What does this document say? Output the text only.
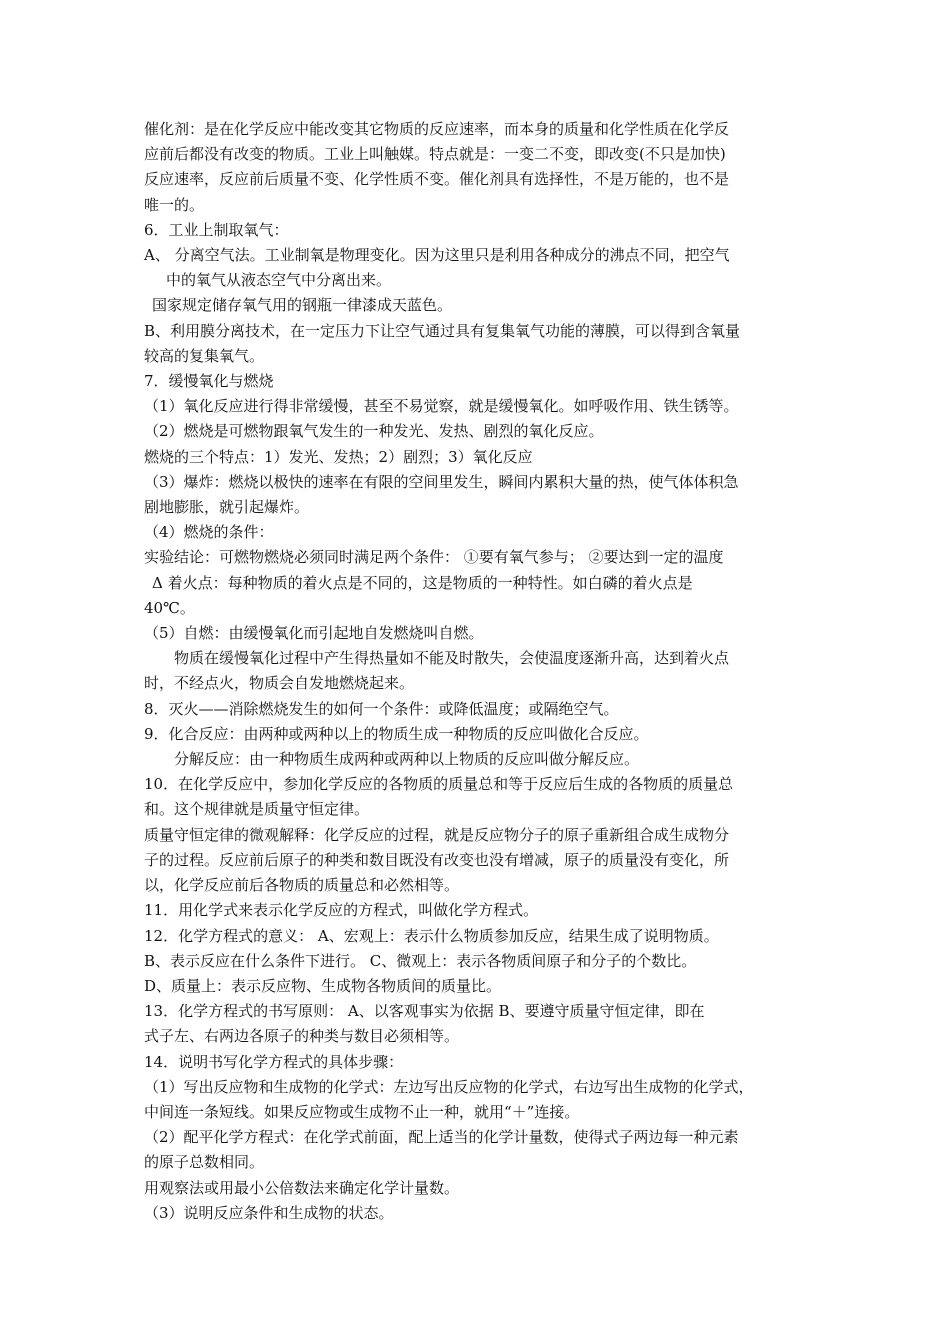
催化剂：是在化学反应中能改变其它物质的反应速率，而本身的质量和化学性质在化学反
应前后都没有改变的物质。工业上叫触媒。特点就是：一变二不变，即改变(不只是加快)
反应速率，反应前后质量不变、化学性质不变。催化剂具有选择性，不是万能的，也不是
唯一的。
6．工业上制取氧气：
A、 分离空气法。工业制氧是物理变化。因为这里只是利用各种成分的沸点不同，把空气
中的氧气从液态空气中分离出来。
国家规定储存氧气用的钢瓶一律漆成天蓝色。
B、利用膜分离技术，在一定压力下让空气通过具有复集氧气功能的薄膜，可以得到含氧量
较高的复集氧气。
7．缓慢氧化与燃烧
（1）氧化反应进行得非常缓慢，甚至不易觉察，就是缓慢氧化。如呼吸作用、铁生锈等。
（2）燃烧是可燃物跟氧气发生的一种发光、发热、剧烈的氧化反应。
燃烧的三个特点：1）发光、发热；2）剧烈；3）氧化反应
（3）爆炸：燃烧以极快的速率在有限的空间里发生，瞬间内累积大量的热，使气体体积急
剧地膨胀，就引起爆炸。
（4）燃烧的条件：
实验结论：可燃物燃烧必须同时满足两个条件： ①要有氧气参与； ②要达到一定的温度
Δ 着火点：每种物质的着火点是不同的，这是物质的一种特性。如白磷的着火点是
40℃。
（5）自燃：由缓慢氧化而引起地自发燃烧叫自燃。
物质在缓慢氧化过程中产生得热量如不能及时散失，会使温度逐渐升高，达到着火点
时，不经点火，物质会自发地燃烧起来。
8．灭火——消除燃烧发生的如何一个条件：或降低温度；或隔绝空气。
9．化合反应：由两种或两种以上的物质生成一种物质的反应叫做化合反应。
分解反应：由一种物质生成两种或两种以上物质的反应叫做分解反应。
10．在化学反应中，参加化学反应的各物质的质量总和等于反应后生成的各物质的质量总
和。这个规律就是质量守恒定律。
质量守恒定律的微观解释：化学反应的过程，就是反应物分子的原子重新组合成生成物分
子的过程。反应前后原子的种类和数目既没有改变也没有增减，原子的质量没有变化，所
以，化学反应前后各物质的质量总和必然相等。
11．用化学式来表示化学反应的方程式，叫做化学方程式。
12．化学方程式的意义： A、宏观上：表示什么物质参加反应，结果生成了说明物质。
B、表示反应在什么条件下进行。 C、微观上：表示各物质间原子和分子的个数比。
D、质量上：表示反应物、生成物各物质间的质量比。
13．化学方程式的书写原则： A、以客观事实为依据 B、要遵守质量守恒定律，即在
式子左、右两边各原子的种类与数目必须相等。
14．说明书写化学方程式的具体步骤：
（1）写出反应物和生成物的化学式：左边写出反应物的化学式，右边写出生成物的化学式，
中间连一条短线。如果反应物或生成物不止一种，就用“＋”连接。
（2）配平化学方程式：在化学式前面，配上适当的化学计量数，使得式子两边每一种元素
的原子总数相同。
用观察法或用最小公倍数法来确定化学计量数。
（3）说明反应条件和生成物的状态。
